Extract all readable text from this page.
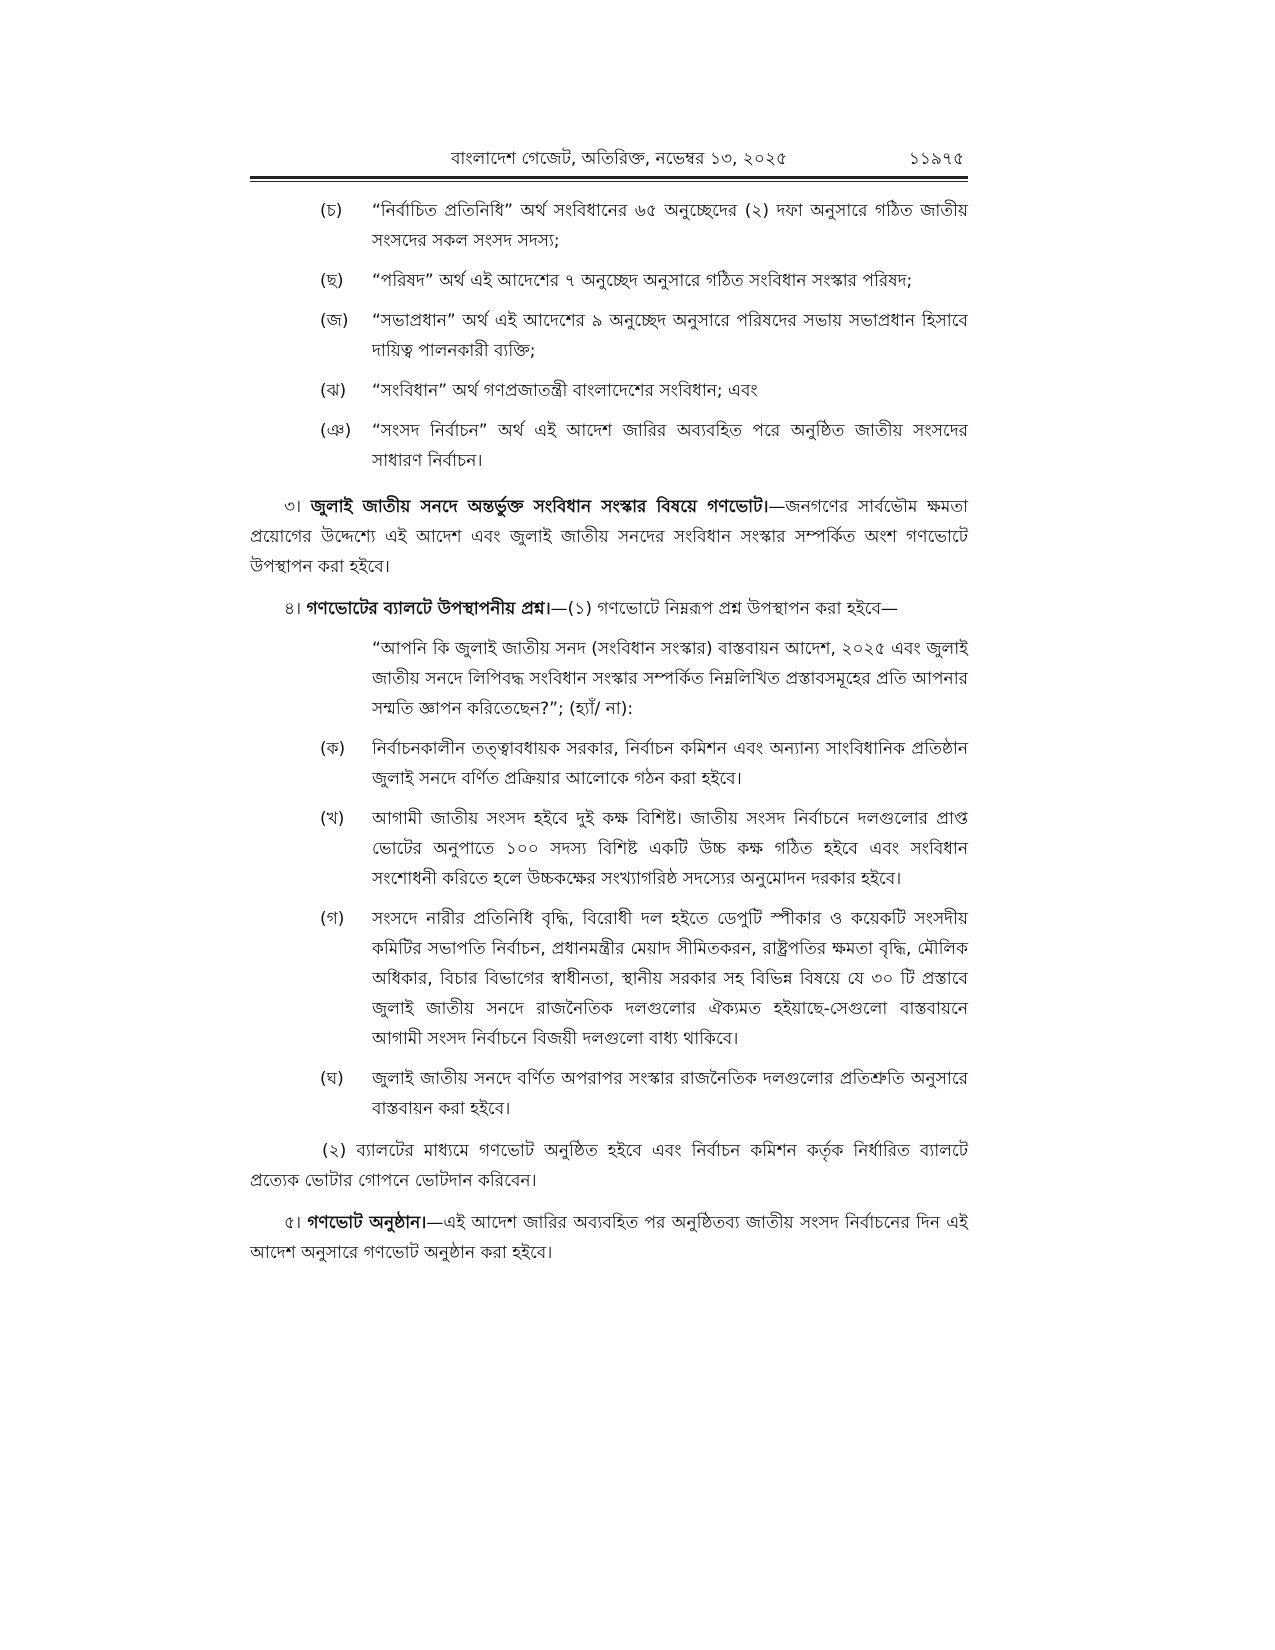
বাংলাদেশ গেজেট, অতিরিক্ত, নভেম্বর ১৩, ২০২৫	১১৯৭৫
(চ) “নির্বাচিত প্রতিনিধি” অর্থ সংবিধানের ৬৫ অনুচ্ছেদের (২) দফা অনুসারে গঠিত জাতীয় সংসদের সকল সংসদ সদস্য;
(ছ) “পরিষদ” অর্থ এই আদেশের ৭ অনুচ্ছেদ অনুসারে গঠিত সংবিধান সংস্কার পরিষদ;
(জ) “সভাপ্রধান” অর্থ এই আদেশের ৯ অনুচ্ছেদ অনুসারে পরিষদের সভায় সভাপ্রধান হিসাবে দায়িত্ব পালনকারী ব্যক্তি;
(ঝ) “সংবিধান” অর্থ গণপ্রজাতন্ত্রী বাংলাদেশের সংবিধান; এবং
(ঞ) “সংসদ নির্বাচন” অর্থ এই আদেশ জারির অব্যবহিত পরে অনুষ্ঠিত জাতীয় সংসদের সাধারণ নির্বাচন।

৩। জুলাই জাতীয় সনদে অন্তর্ভুক্ত সংবিধান সংস্কার বিষয়ে গণভোট।—জনগণের সার্বভৌম ক্ষমতা প্রয়োগের উদ্দেশ্যে এই আদেশ এবং জুলাই জাতীয় সনদের সংবিধান সংস্কার সম্পর্কিত অংশ গণভোটে উপস্থাপন করা হইবে।

৪। গণভোটের ব্যালটে উপস্থাপনীয় প্রশ্ন।—(১) গণভোটে নিম্নরূপ প্রশ্ন উপস্থাপন করা হইবে—

“আপনি কি জুলাই জাতীয় সনদ (সংবিধান সংস্কার) বাস্তবায়ন আদেশ, ২০২৫ এবং জুলাই জাতীয় সনদে লিপিবদ্ধ সংবিধান সংস্কার সম্পর্কিত নিম্নলিখিত প্রস্তাবসমূহের প্রতি আপনার সম্মতি জ্ঞাপন করিতেছেন?”; (হ্যাঁ/ না):
(ক) নির্বাচনকালীন তত্ত্বাবধায়ক সরকার, নির্বাচন কমিশন এবং অন্যান্য সাংবিধানিক প্রতিষ্ঠান জুলাই সনদে বর্ণিত প্রক্রিয়ার আলোকে গঠন করা হইবে।
(খ) আগামী জাতীয় সংসদ হইবে দুই কক্ষ বিশিষ্ট। জাতীয় সংসদ নির্বাচনে দলগুলোর প্রাপ্ত ভোটের অনুপাতে ১০০ সদস্য বিশিষ্ট একটি উচ্চ কক্ষ গঠিত হইবে এবং সংবিধান সংশোধনী করিতে হলে উচ্চকক্ষের সংখ্যাগরিষ্ঠ সদস্যের অনুমোদন দরকার হইবে।
(গ) সংসদে নারীর প্রতিনিধি বৃদ্ধি, বিরোধী দল হইতে ডেপুটি স্পীকার ও কয়েকটি সংসদীয় কমিটির সভাপতি নির্বাচন, প্রধানমন্ত্রীর মেয়াদ সীমিতকরন, রাষ্ট্রপতির ক্ষমতা বৃদ্ধি, মৌলিক অধিকার, বিচার বিভাগের স্বাধীনতা, স্থানীয় সরকার সহ বিভিন্ন বিষয়ে যে ৩০ টি প্রস্তাবে জুলাই জাতীয় সনদে রাজনৈতিক দলগুলোর ঐক্যমত হইয়াছে-সেগুলো বাস্তবায়নে আগামী সংসদ নির্বাচনে বিজয়ী দলগুলো বাধ্য থাকিবে।
(ঘ) জুলাই জাতীয় সনদে বর্ণিত অপরাপর সংস্কার রাজনৈতিক দলগুলোর প্রতিশ্রুতি অনুসারে বাস্তবায়ন করা হইবে।

(২) ব্যালটের মাধ্যমে গণভোট অনুষ্ঠিত হইবে এবং নির্বাচন কমিশন কর্তৃক নির্ধারিত ব্যালটে প্রত্যেক ভোটার গোপনে ভোটদান করিবেন।

৫। গণভোট অনুষ্ঠান।—এই আদেশ জারির অব্যবহিত পর অনুষ্ঠিতব্য জাতীয় সংসদ নির্বাচনের দিন এই আদেশ অনুসারে গণভোট অনুষ্ঠান করা হইবে।
